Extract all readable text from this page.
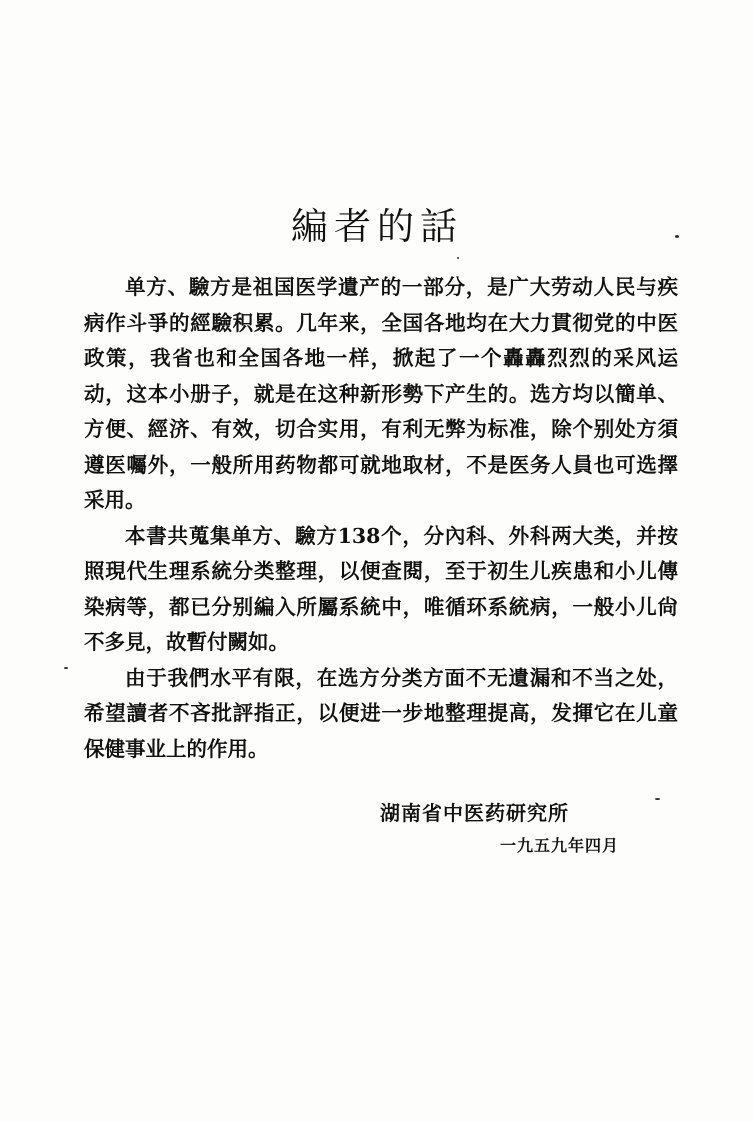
編者的話

单方、驗方是祖国医学遺产的一部分，是广大劳动人民与疾病作斗爭的經驗积累。几年来，全国各地均在大力貫彻党的中医政策，我省也和全国各地一样，掀起了一个轟轟烈烈的采风运动，这本小册子，就是在这种新形勢下产生的。选方均以簡单、方便、經济、有效，切合实用，有利无弊为标准，除个别处方須遵医囑外，一般所用药物都可就地取材，不是医务人員也可选擇采用。

本書共蒐集单方、驗方138个，分內科、外科两大类，并按照現代生理系統分类整理，以便查閱，至于初生儿疾患和小儿傳染病等，都已分别編入所屬系統中，唯循环系統病，一般小儿尙不多見，故暫付闕如。

由于我們水平有限，在选方分类方面不无遺漏和不当之处，希望讀者不吝批評指正，以便进一步地整理提高，发揮它在儿童保健事业上的作用。

湖南省中医药研究所
一九五九年四月
